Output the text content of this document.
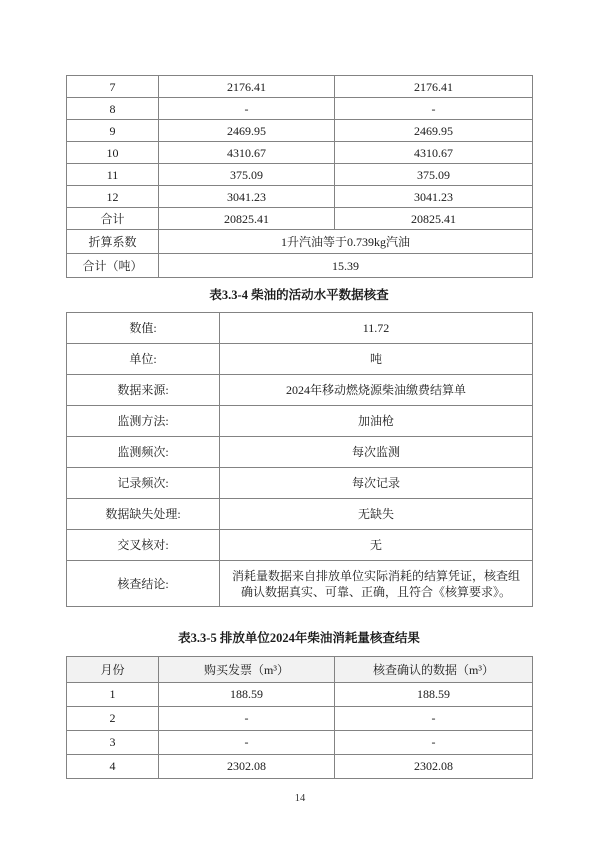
7	2176.41	2176.41
8	-	-
9	2469.95	2469.95
10	4310.67	4310.67
11	375.09	375.09
12	3041.23	3041.23
合计	20825.41	20825.41
折算系数	1升汽油等于0.739kg汽油	
合计（吨）	15.39	
表3.3-4 柴油的活动水平数据核查
数值:	11.72
单位:	吨
数据来源:	2024年移动燃烧源柴油缴费结算单
监测方法:	加油枪
监测频次:	每次监测
记录频次:	每次记录
数据缺失处理:	无缺失
交叉核对:	无
核查结论:	消耗量数据来自排放单位实际消耗的结算凭证，核查组确认数据真实、可靠、正确，且符合《核算要求》。
表3.3-5 排放单位2024年柴油消耗量核查结果
月份	购买发票（m³）	核查确认的数据（m³）
1	188.59	188.59
2	-	-
3	-	-
4	2302.08	2302.08
14
